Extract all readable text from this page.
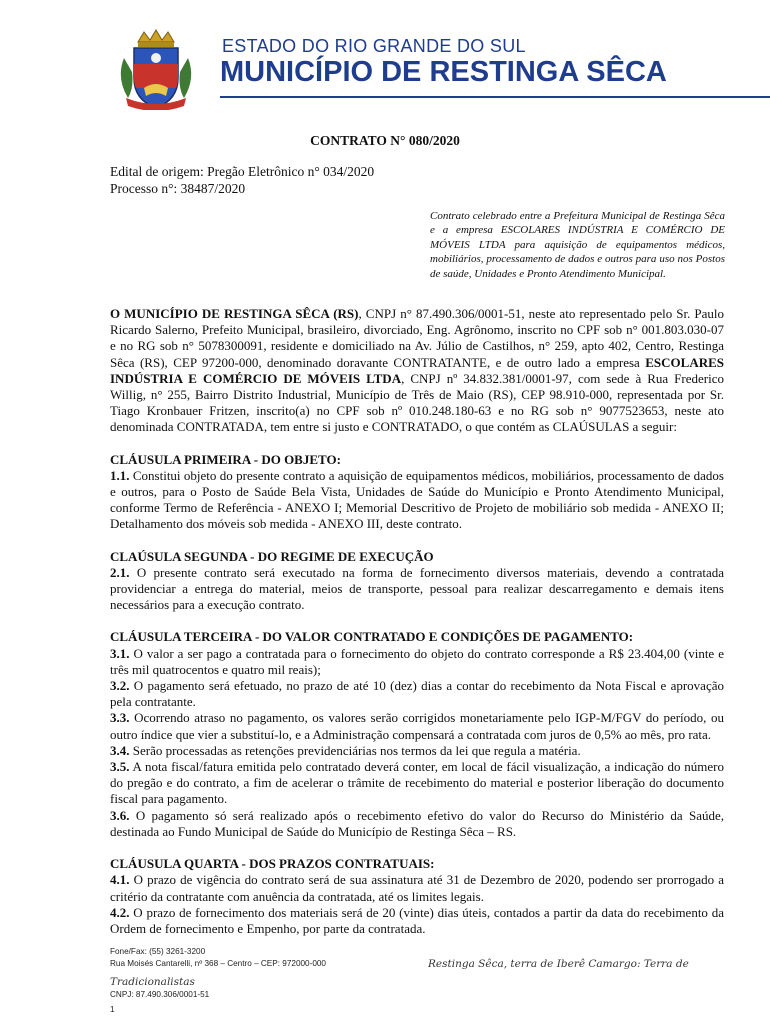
ESTADO DO RIO GRANDE DO SUL
MUNICÍPIO DE RESTINGA SÊCA
CONTRATO N° 080/2020
Edital de origem: Pregão Eletrônico n° 034/2020
Processo n°: 38487/2020
Contrato celebrado entre a Prefeitura Municipal de Restinga Sêca e a empresa ESCOLARES INDÚSTRIA E COMÉRCIO DE MÓVEIS LTDA para aquisição de equipamentos médicos, mobiliários, processamento de dados e outros para uso nos Postos de saúde, Unidades e Pronto Atendimento Municipal.

O MUNICÍPIO DE RESTINGA SÊCA (RS), CNPJ n° 87.490.306/0001-51, neste ato representado pelo Sr. Paulo Ricardo Salerno, Prefeito Municipal, brasileiro, divorciado, Eng. Agrônomo, inscrito no CPF sob n° 001.803.030-07 e no RG sob n° 5078300091, residente e domiciliado na Av. Júlio de Castilhos, n° 259, apto 402, Centro, Restinga Sêca (RS), CEP 97200-000, denominado doravante CONTRATANTE, e de outro lado a empresa ESCOLARES INDÚSTRIA E COMÉRCIO DE MÓVEIS LTDA, CNPJ nº 34.832.381/0001-97, com sede à Rua Frederico Willig, n° 255, Bairro Distrito Industrial, Município de Três de Maio (RS), CEP 98.910-000, representada por Sr. Tiago Kronbauer Fritzen, inscrito(a) no CPF sob nº 010.248.180-63 e no RG sob n° 9077523653, neste ato denominada CONTRATADA, tem entre si justo e CONTRATADO, o que contém as CLAÚSULAS a seguir:

CLÁUSULA PRIMEIRA - DO OBJETO:

1.1. Constitui objeto do presente contrato a aquisição de equipamentos médicos, mobiliários, processamento de dados e outros, para o Posto de Saúde Bela Vista, Unidades de Saúde do Município e Pronto Atendimento Municipal, conforme Termo de Referência - ANEXO I; Memorial Descritivo de Projeto de mobiliário sob medida - ANEXO II; Detalhamento dos móveis sob medida - ANEXO III, deste contrato.

CLAÚSULA SEGUNDA - DO REGIME DE EXECUÇÃO

2.1. O presente contrato será executado na forma de fornecimento diversos materiais, devendo a contratada providenciar a entrega do material, meios de transporte, pessoal para realizar descarregamento e demais itens necessários para a execução contrato.

CLÁUSULA TERCEIRA - DO VALOR CONTRATADO E CONDIÇÕES DE PAGAMENTO:

3.1. O valor a ser pago a contratada para o fornecimento do objeto do contrato corresponde a R$ 23.404,00 (vinte e três mil quatrocentos e quatro mil reais);

3.2. O pagamento será efetuado, no prazo de até 10 (dez) dias a contar do recebimento da Nota Fiscal e aprovação pela contratante.

3.3. Ocorrendo atraso no pagamento, os valores serão corrigidos monetariamente pelo IGP-M/FGV do período, ou outro índice que vier a substituí-lo, e a Administração compensará a contratada com juros de 0,5% ao mês, pro rata.

3.4. Serão processadas as retenções previdenciárias nos termos da lei que regula a matéria.

3.5. A nota fiscal/fatura emitida pelo contratado deverá conter, em local de fácil visualização, a indicação do número do pregão e do contrato, a fim de acelerar o trâmite de recebimento do material e posterior liberação do documento fiscal para pagamento.

3.6. O pagamento só será realizado após o recebimento efetivo do valor do Recurso do Ministério da Saúde, destinada ao Fundo Municipal de Saúde do Município de Restinga Sêca – RS.

CLÁUSULA QUARTA - DOS PRAZOS CONTRATUAIS:

4.1. O prazo de vigência do contrato será de sua assinatura até 31 de Dezembro de 2020, podendo ser prorrogado a critério da contratante com anuência da contratada, até os limites legais.

4.2. O prazo de fornecimento dos materiais será de 20 (vinte) dias úteis, contados a partir da data do recebimento da Ordem de fornecimento e Empenho, por parte da contratada.

Fone/Fax: (55) 3261-3200
Rua Moisés Cantarelli, nº 368 – Centro – CEP: 972000-000	Restinga Sêca, terra de Iberê Camargo: Terra de
Tradicionalistas
CNPJ: 87.490.306/0001-51
1
